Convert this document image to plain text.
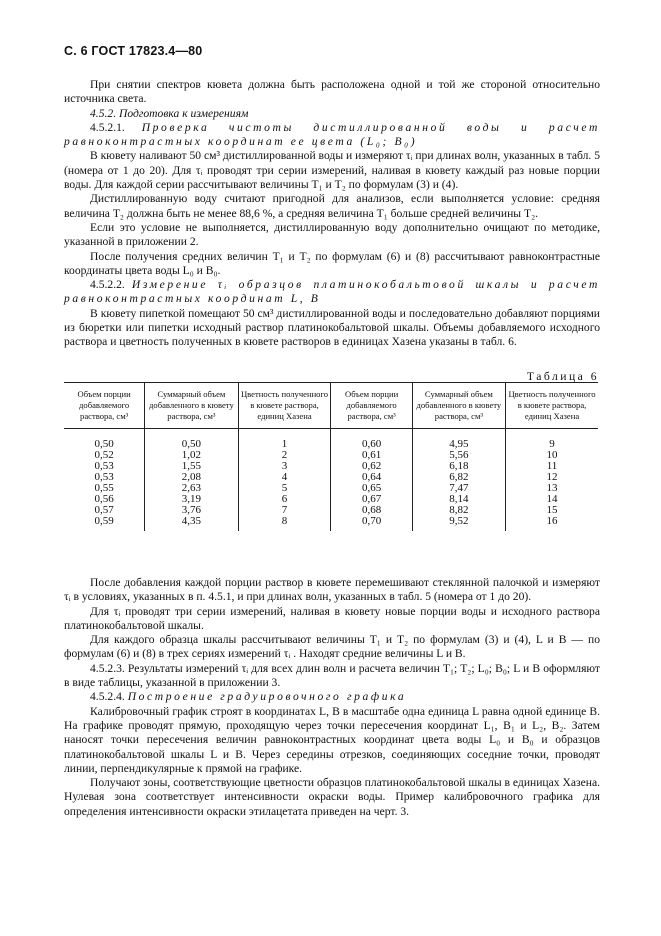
С. 6 ГОСТ 17823.4—80

При снятии спектров кювета должна быть расположена одной и той же стороной относительно источника света.

4.5.2. Подготовка к измерениям

4.5.2.1. Проверка чистоты дистиллированной воды и расчет равноконтрастных координат ее цвета (L₀; B₀)

В кювету наливают 50 см³ дистиллированной воды и измеряют τᵢ при длинах волн, указанных в табл. 5 (номера от 1 до 20). Для τᵢ проводят три серии измерений, наливая в кювету каждый раз новые порции воды. Для каждой серии рассчитывают величины T₁ и T₂ по формулам (3) и (4).

Дистиллированную воду считают пригодной для анализов, если выполняется условие: средняя величина T₂ должна быть не менее 88,6 %, а средняя величина T₁ больше средней величины T₂.

Если это условие не выполняется, дистиллированную воду дополнительно очищают по методике, указанной в приложении 2.

После получения средних величин T₁ и T₂ по формулам (6) и (8) рассчитывают равноконтрастные координаты цвета воды L₀ и B₀.

4.5.2.2. Измерение τᵢ образцов платинокобальтовой шкалы и расчет равноконтрастных координат L, B

В кювету пипеткой помещают 50 см³ дистиллированной воды и последовательно добавляют порциями из бюретки или пипетки исходный раствор платинокобальтовой шкалы. Объемы добавляемого исходного раствора и цветность полученных в кювете растворов в единицах Хазена указаны в табл. 6.

Таблица 6
Объем порции добавляемого раствора, см³	Суммарный объем добавленного в кювету раствора, см³	Цветность полученного в кювете раствора, единиц Хазена	Объем порции добавляемого раствора, см³	Суммарный объем добавленного в кювету раствора, см³	Цветность полученного в кювете раствора, единиц Хазена
0,50	0,50	1	0,60	4,95	9
0,52	1,02	2	0,61	5,56	10
0,53	1,55	3	0,62	6,18	11
0,53	2,08	4	0,64	6,82	12
0,55	2,63	5	0,65	7,47	13
0,56	3,19	6	0,67	8,14	14
0,57	3,76	7	0,68	8,82	15
0,59	4,35	8	0,70	9,52	16

После добавления каждой порции раствор в кювете перемешивают стеклянной палочкой и измеряют τᵢ в условиях, указанных в п. 4.5.1, и при длинах волн, указанных в табл. 5 (номера от 1 до 20).

Для τᵢ проводят три серии измерений, наливая в кювету новые порции воды и исходного раствора платинокобальтовой шкалы.

Для каждого образца шкалы рассчитывают величины T₁ и T₂ по формулам (3) и (4), L и B — по формулам (6) и (8) в трех сериях измерений τᵢ . Находят средние величины L и B.

4.5.2.3. Результаты измерений τᵢ для всех длин волн и расчета величин T₁; T₂; L₀; B₀; L и B оформляют в виде таблицы, указанной в приложении 3.

4.5.2.4. Построение градуировочного графика

Калибровочный график строят в координатах L, B в масштабе одна единица L равна одной единице B. На графике проводят прямую, проходящую через точки пересечения координат L₁, B₁ и L₂, B₂. Затем наносят точки пересечения величин равноконтрастных координат цвета воды L₀ и B₀ и образцов платинокобальтовой шкалы L и B. Через середины отрезков, соединяющих соседние точки, проводят линии, перпендикулярные к прямой на графике.

Получают зоны, соответствующие цветности образцов платинокобальтовой шкалы в единицах Хазена. Нулевая зона соответствует интенсивности окраски воды. Пример калибровочного графика для определения интенсивности окраски этилацетата приведен на черт. 3.
